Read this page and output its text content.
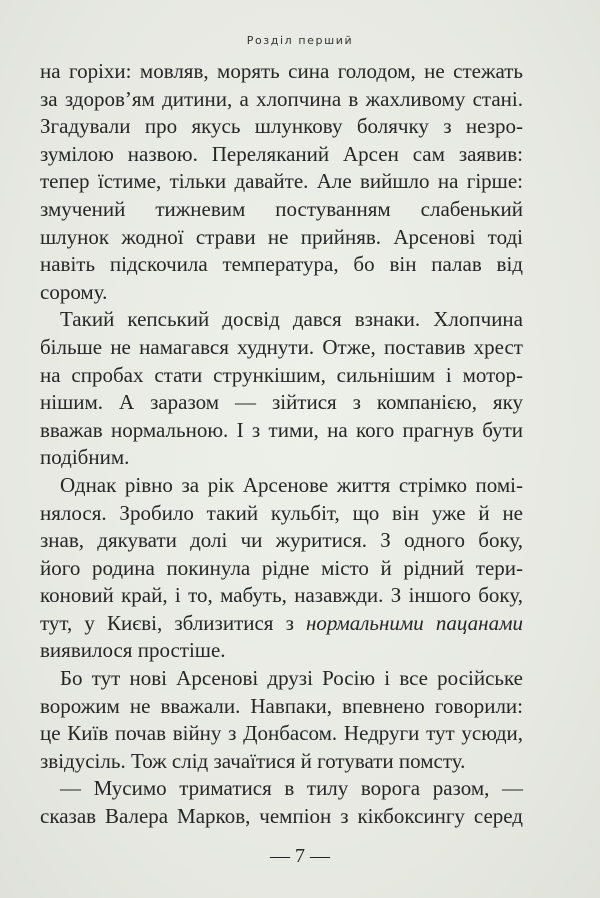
Розділ перший
на горіхи: мовляв, морять сина голодом, не стежать
за здоров’ям дитини, а хлопчина в жахливому стані.
Згадували про якусь шлункову болячку з незро-
зумілою назвою. Переляканий Арсен сам заявив:
тепер їстиме, тільки давайте. Але вийшло на гірше:
змучений тижневим постуванням слабенький
шлунок жодної страви не прийняв. Арсенові тоді
навіть підскочила температура, бо він палав від
сорому.
Такий кепський досвід дався взнаки. Хлопчина
більше не намагався худнути. Отже, поставив хрест
на спробах стати стрункішим, сильнішим і мотор-
нішим. А заразом — зійтися з компанією, яку
вважав нормальною. І з тими, на кого прагнув бути
подібним.
Однак рівно за рік Арсенове життя стрімко помі-
нялося. Зробило такий кульбіт, що він уже й не
знав, дякувати долі чи журитися. З одного боку,
його родина покинула рідне місто й рідний тери-
коновий край, і то, мабуть, назавжди. З іншого боку,
тут, у Києві, зблизитися з нормальними пацанами
виявилося простіше.
Бо тут нові Арсенові друзі Росію і все російське
ворожим не вважали. Навпаки, впевнено говорили:
це Київ почав війну з Донбасом. Недруги тут усюди,
звідусіль. Тож слід зачаїтися й готувати помсту.
— Мусимо триматися в тилу ворога разом, —
сказав Валера Марков, чемпіон з кікбоксингу серед
— 7 —
